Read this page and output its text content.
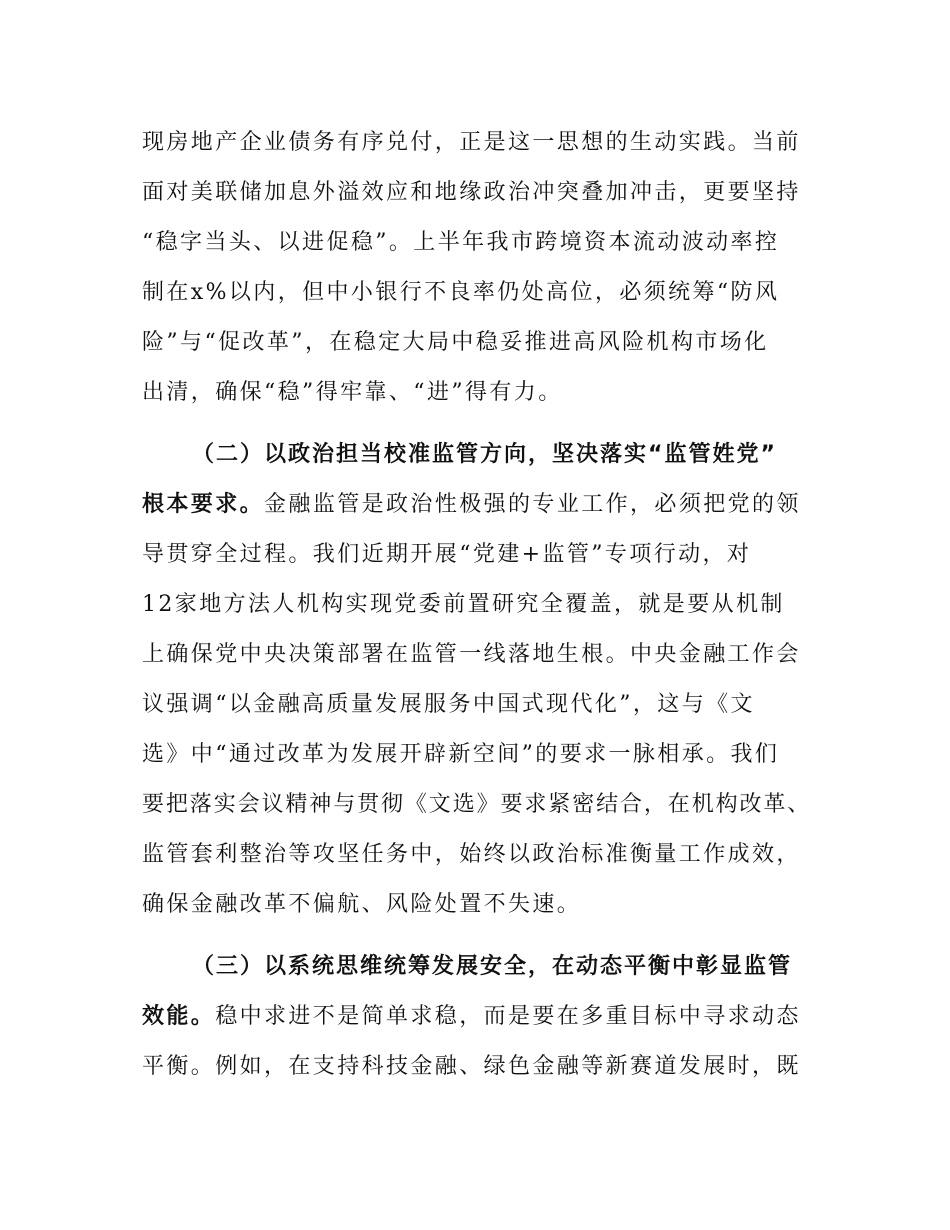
现房地产企业债务有序兑付，正是这一思想的生动实践。当前

面对美联储加息外溢效应和地缘政治冲突叠加冲击，更要坚持

“稳字当头、以进促稳”。上半年我市跨境资本流动波动率控

制在x%以内，但中小银行不良率仍处高位，必须统筹“防风

险”与“促改革”，在稳定大局中稳妥推进高风险机构市场化

出清，确保“稳”得牢靠、“进”得有力。

（二）以政治担当校准监管方向，坚决落实“监管姓党”

根本要求。金融监管是政治性极强的专业工作，必须把党的领

导贯穿全过程。我们近期开展“党建+监管”专项行动，对

12家地方法人机构实现党委前置研究全覆盖，就是要从机制

上确保党中央决策部署在监管一线落地生根。中央金融工作会

议强调“以金融高质量发展服务中国式现代化”，这与《文

选》中“通过改革为发展开辟新空间”的要求一脉相承。我们

要把落实会议精神与贯彻《文选》要求紧密结合，在机构改革、

监管套利整治等攻坚任务中，始终以政治标准衡量工作成效，

确保金融改革不偏航、风险处置不失速。

（三）以系统思维统筹发展安全，在动态平衡中彰显监管

效能。稳中求进不是简单求稳，而是要在多重目标中寻求动态

平衡。例如，在支持科技金融、绿色金融等新赛道发展时，既
